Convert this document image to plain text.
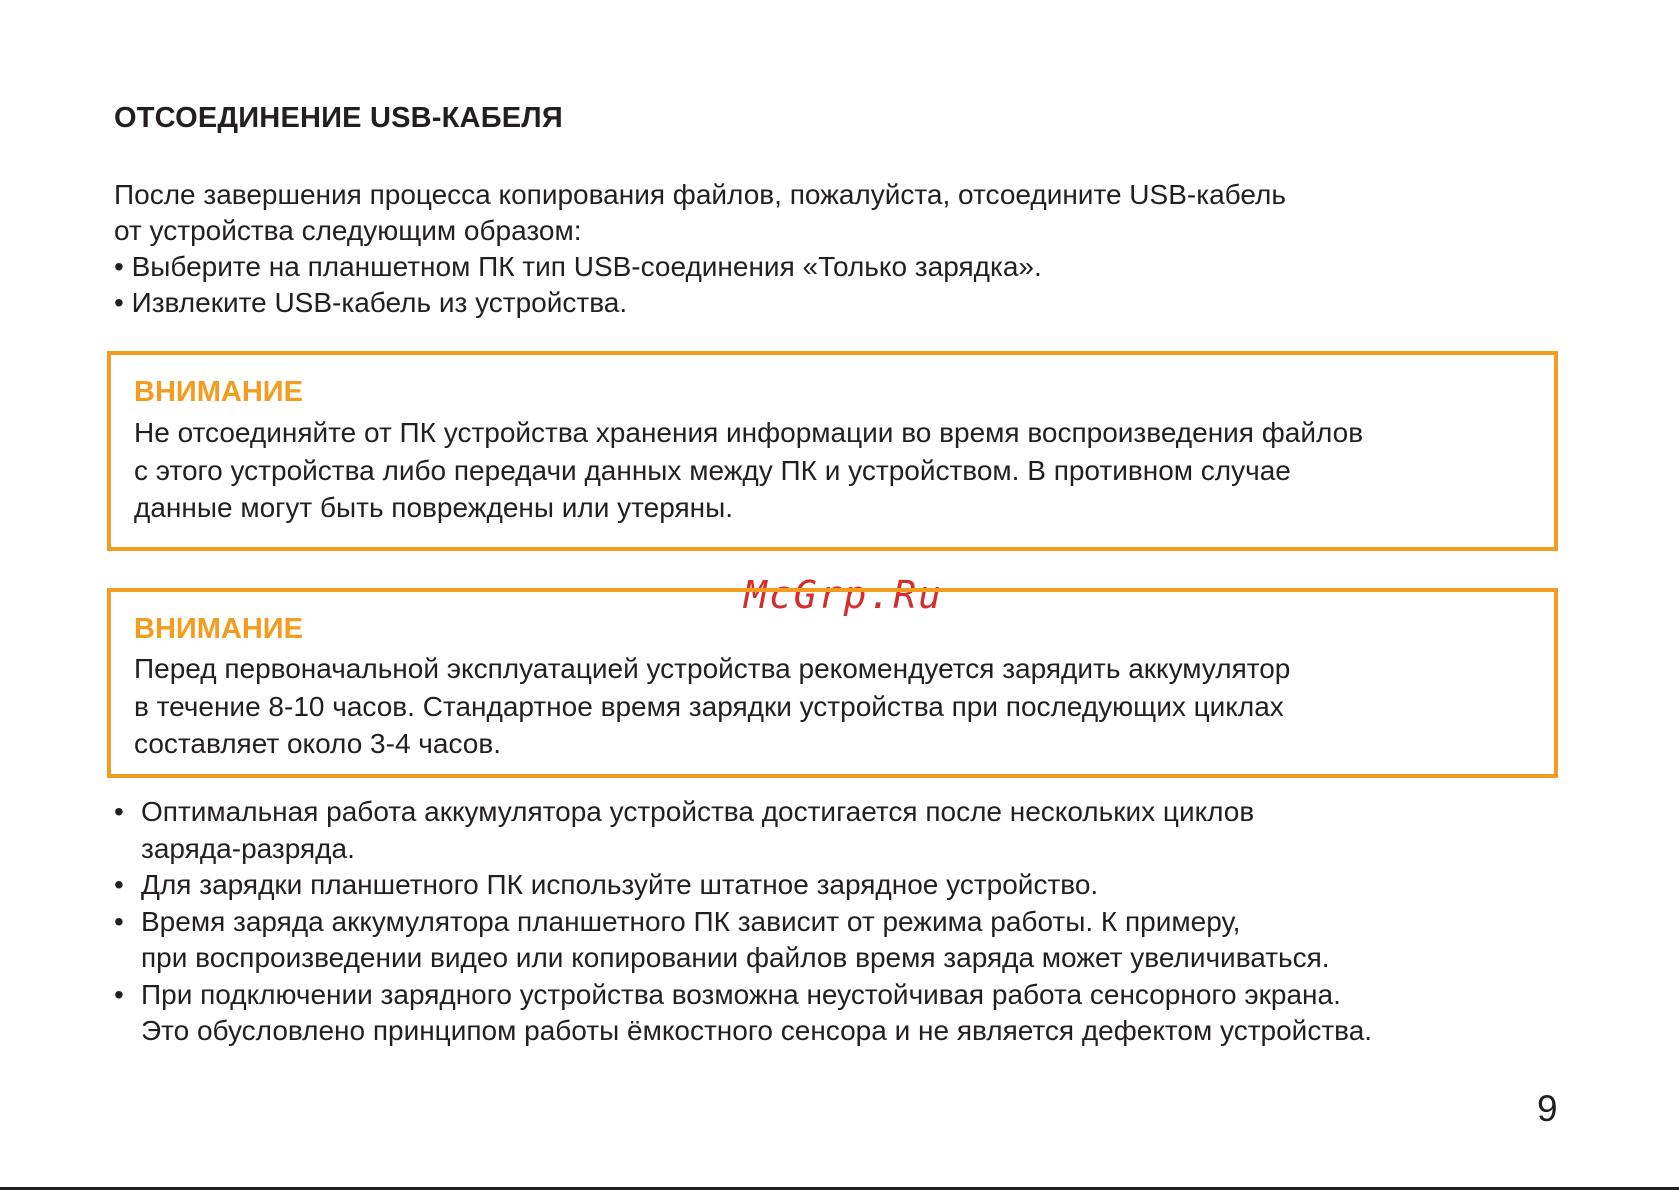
ОТСОЕДИНЕНИЕ USB-КАБЕЛЯ
После завершения процесса копирования файлов, пожалуйста, отсоедините USB-кабель
от устройства следующим образом:
• Выберите на планшетном ПК тип USB-соединения «Только зарядка».
• Извлеките USB-кабель из устройства.
ВНИМАНИЕ
Не отсоединяйте от ПК устройства хранения информации во время воспроизведения файлов
с этого устройства либо передачи данных между ПК и устройством. В противном случае
данные могут быть повреждены или утеряны.
McGrp.Ru
ВНИМАНИЕ
Перед первоначальной эксплуатацией устройства рекомендуется зарядить аккумулятор
в течение 8-10 часов. Стандартное время зарядки устройства при последующих циклах
составляет около 3-4 часов.
• Оптимальная работа аккумулятора устройства достигается после нескольких циклов
заряда-разряда.
• Для зарядки планшетного ПК используйте штатное зарядное устройство.
• Время заряда аккумулятора планшетного ПК зависит от режима работы. К примеру,
при воспроизведении видео или копировании файлов время заряда может увеличиваться.
• При подключении зарядного устройства возможна неустойчивая работа сенсорного экрана.
Это обусловлено принципом работы ёмкостного сенсора и не является дефектом устройства.
9
